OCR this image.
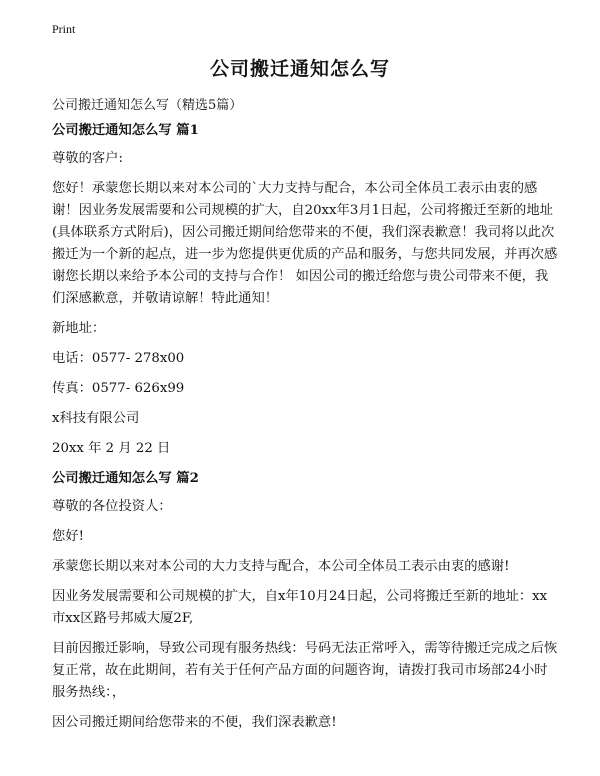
Print
公司搬迁通知怎么写
公司搬迁通知怎么写（精选5篇）
公司搬迁通知怎么写 篇1

尊敬的客户:

您好！承蒙您长期以来对本公司的`大力支持与配合，本公司全体员工表示由衷的感谢！因业务发展需要和公司规模的扩大，自20xx年3月1日起，公司将搬迁至新的地址(具体联系方式附后)，因公司搬迁期间给您带来的不便，我们深表歉意！我司将以此次搬迁为一个新的起点，进一步为您提供更优质的产品和服务，与您共同发展，并再次感谢您长期以来给予本公司的支持与合作！ 如因公司的搬迁给您与贵公司带来不便，我们深感歉意，并敬请谅解！特此通知！

新地址：

电话：0577- 278x00

传真：0577- 626x99

x科技有限公司

20xx 年 2 月 22 日

公司搬迁通知怎么写 篇2

尊敬的各位投资人：

您好!

承蒙您长期以来对本公司的大力支持与配合，本公司全体员工表示由衷的感谢!

因业务发展需要和公司规模的扩大，自x年10月24日起，公司将搬迁至新的地址：xx市xx区路号邦威大厦2F,

目前因搬迁影响，导致公司现有服务热线：号码无法正常呼入，需等待搬迁完成之后恢复正常，故在此期间，若有关于任何产品方面的问题咨询，请拨打我司市场部24小时服务热线：，

因公司搬迁期间给您带来的不便，我们深表歉意!
